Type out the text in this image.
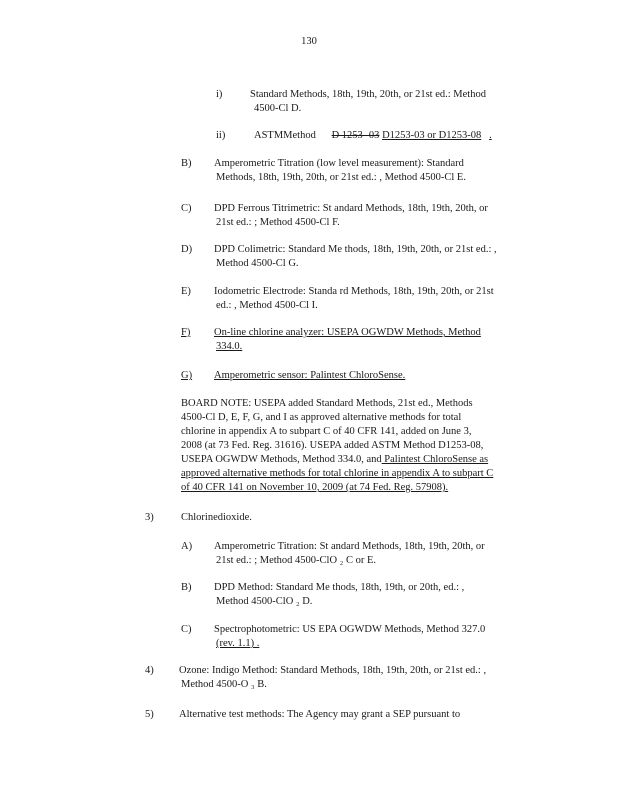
130
i)	Standard Methods, 18th, 19th, 20th, or 21st ed.: Method
4500-Cl D.
ii)	ASTMMethod D 1253 -03 D1253-03 or D1253-08 .
B) Amperometric Titration (low level measurement): Standard
Methods, 18th, 19th, 20th, or 21st ed.: , Method 4500-Cl E.
C) DPD Ferrous Titrimetric: St andard Methods, 18th, 19th, 20th, or
21st ed.: ; Method 4500-Cl F.
D) DPD Colimetric: Standard Me thods, 18th, 19th, 20th, or 21st ed.: ,
Method 4500-Cl G.
E) Iodometric Electrode: Standa rd Methods, 18th, 19th, 20th, or 21st
ed.: , Method 4500-Cl I.
F) On-line chlorine analyzer: USEPA OGWDW Methods, Method
334.0.
G) Amperometric sensor: Palintest ChloroSense.
BOARD NOTE: USEPA added Standard Methods, 21st ed., Methods
4500-Cl D, E, F, G, and I as approved alternative methods for total
chlorine in appendix A to subpart C of 40 CFR 141, added on June 3,
2008 (at 73 Fed. Reg. 31616). USEPA added ASTM Method D1253-08,
USEPA OGWDW Methods, Method 334.0, and Palintest ChloroSense as
approved alternative methods for total chlorine in appendix A to subpart C
of 40 CFR 141 on November 10, 2009 (at 74 Fed. Reg. 57908).
3)	Chlorinedioxide.
A) Amperometric Titration: St andard Methods, 18th, 19th, 20th, or
21st ed.: ; Method 4500-ClO ₂ C or E.
B) DPD Method: Standard Me thods, 18th, 19th, or 20th, ed.: ,
Method 4500-ClO ₂ D.
C) Spectrophotometric: US EPA OGWDW Methods, Method 327.0
(rev. 1.1) .
4) Ozone: Indigo Method: Standard Methods, 18th, 19th, 20th, or 21st ed.: ,
Method 4500-O ₃ B.
5) Alternative test methods: The Agency may grant a SEP pursuant to
